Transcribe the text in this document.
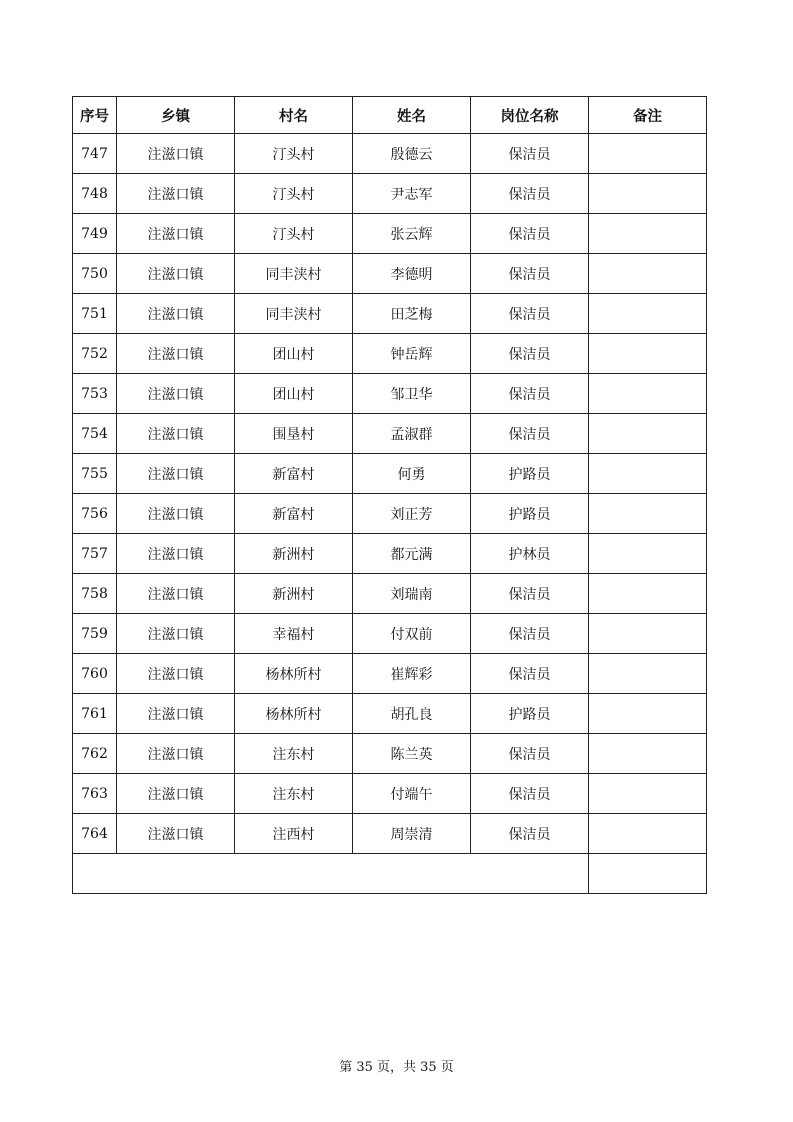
序号	乡镇	村名	姓名	岗位名称	备注
747	注滋口镇	汀头村	殷德云	保洁员	
748	注滋口镇	汀头村	尹志军	保洁员	
749	注滋口镇	汀头村	张云辉	保洁员	
750	注滋口镇	同丰浃村	李德明	保洁员	
751	注滋口镇	同丰浃村	田芝梅	保洁员	
752	注滋口镇	团山村	钟岳辉	保洁员	
753	注滋口镇	团山村	邹卫华	保洁员	
754	注滋口镇	围垦村	孟淑群	保洁员	
755	注滋口镇	新富村	何勇	护路员	
756	注滋口镇	新富村	刘正芳	护路员	
757	注滋口镇	新洲村	都元满	护林员	
758	注滋口镇	新洲村	刘瑞南	保洁员	
759	注滋口镇	幸福村	付双前	保洁员	
760	注滋口镇	杨林所村	崔辉彩	保洁员	
761	注滋口镇	杨林所村	胡孔良	护路员	
762	注滋口镇	注东村	陈兰英	保洁员	
763	注滋口镇	注东村	付端午	保洁员	
764	注滋口镇	注西村	周崇清	保洁员	

第 35 页，共 35 页
